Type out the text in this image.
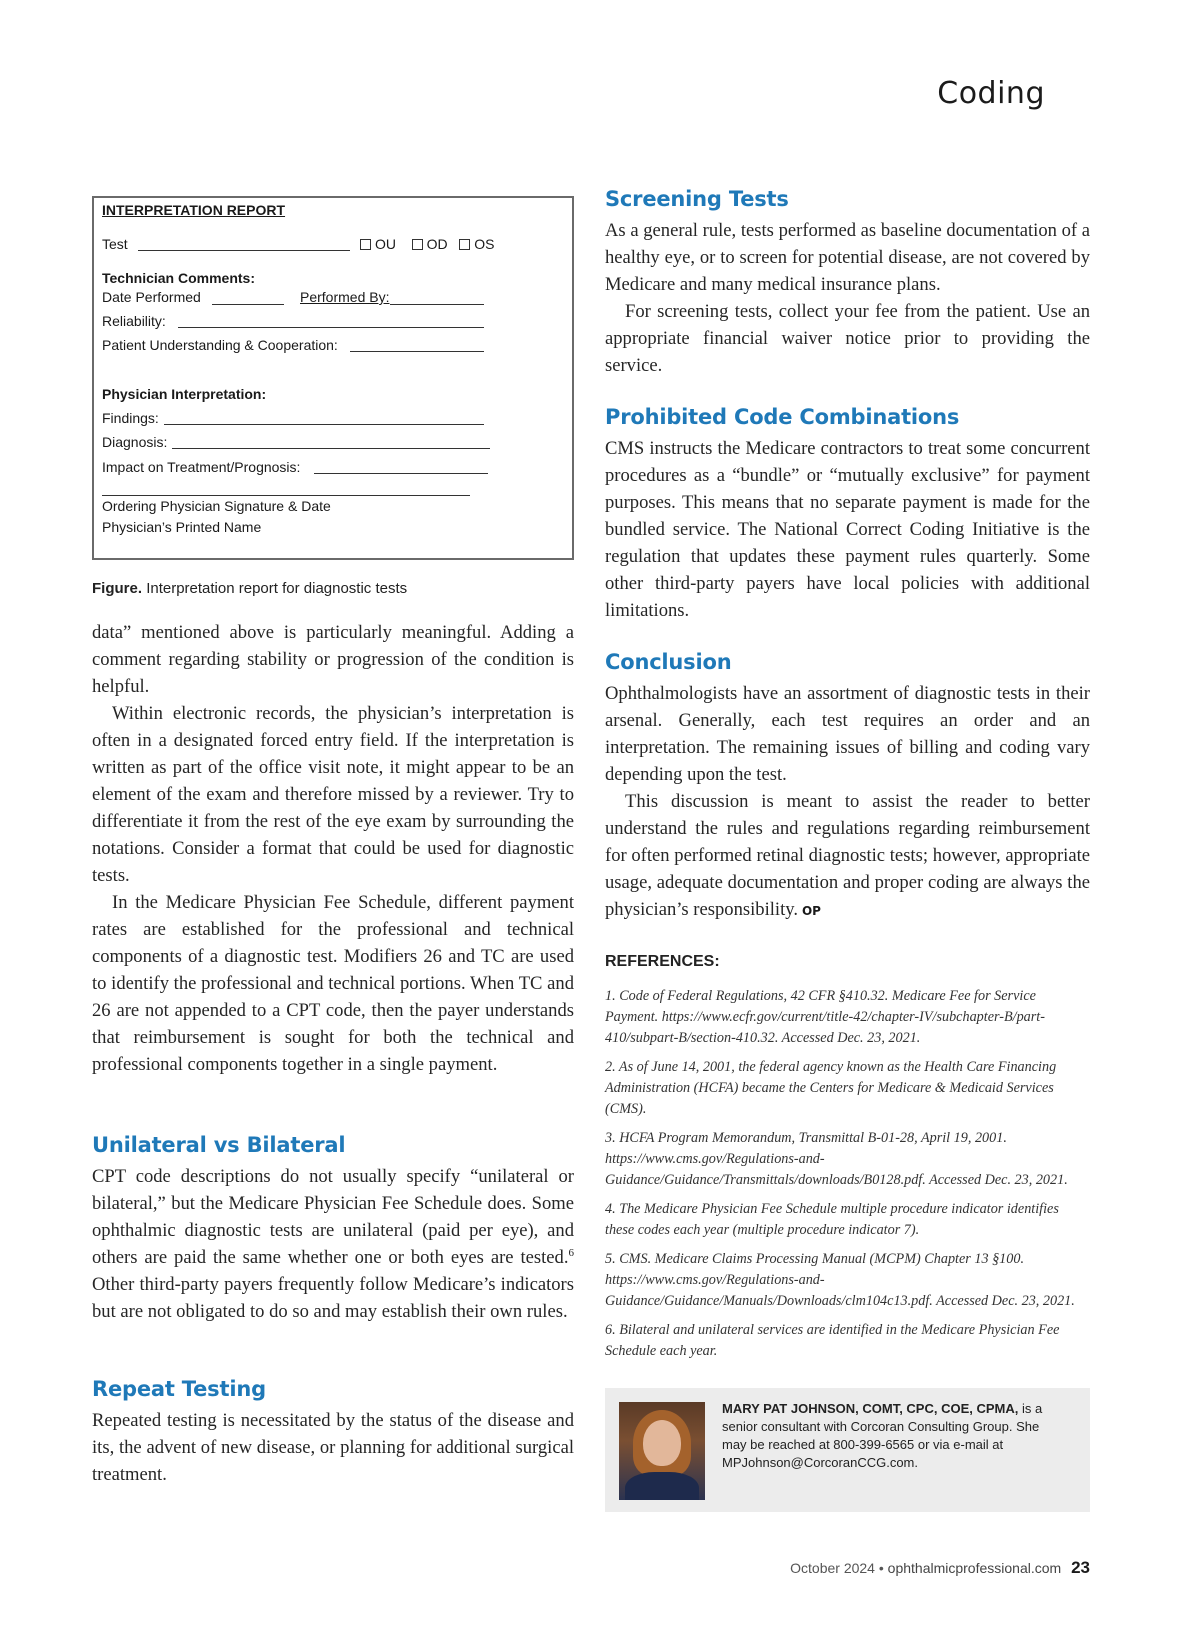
Coding
INTERPRETATION REPORT
Test	OU OD OS
Technician Comments:
Date Performed	Performed By:
Reliability:
Patient Understanding & Cooperation:
Physician Interpretation:
Findings:
Diagnosis:
Impact on Treatment/Prognosis:
Ordering Physician Signature & Date
Physician’s Printed Name
Figure. Interpretation report for diagnostic tests

data” mentioned above is particularly meaningful. Adding a comment regarding stability or progression of the condition is helpful.

Within electronic records, the physician’s interpretation is often in a designated forced entry field. If the interpretation is written as part of the office visit note, it might appear to be an element of the exam and therefore missed by a reviewer. Try to differentiate it from the rest of the eye exam by surrounding the notations. Consider a format that could be used for diagnostic tests.

In the Medicare Physician Fee Schedule, different payment rates are established for the professional and technical components of a diagnostic test. Modifiers 26 and TC are used to identify the professional and technical portions. When TC and 26 are not appended to a CPT code, then the payer understands that reimbursement is sought for both the technical and professional components together in a single payment.

Unilateral vs Bilateral

CPT code descriptions do not usually specify “unilateral or bilateral,” but the Medicare Physician Fee Schedule does. Some ophthalmic diagnostic tests are unilateral (paid per eye), and others are paid the same whether one or both eyes are tested.$^6$ Other third-party payers frequently follow Medicare’s indicators but are not obligated to do so and may establish their own rules.

Repeat Testing

Repeated testing is necessitated by the status of the disease and its, the advent of new disease, or planning for additional surgical treatment.

Screening Tests

As a general rule, tests performed as baseline documentation of a healthy eye, or to screen for potential disease, are not covered by Medicare and many medical insurance plans.

For screening tests, collect your fee from the patient. Use an appropriate financial waiver notice prior to providing the service.

Prohibited Code Combinations

CMS instructs the Medicare contractors to treat some concurrent procedures as a “bundle” or “mutually exclusive” for payment purposes. This means that no separate payment is made for the bundled service. The National Correct Coding Initiative is the regulation that updates these payment rules quarterly. Some other third-party payers have local policies with additional limitations.

Conclusion

Ophthalmologists have an assortment of diagnostic tests in their arsenal. Generally, each test requires an order and an interpretation. The remaining issues of billing and coding vary depending upon the test.

This discussion is meant to assist the reader to better understand the rules and regulations regarding reimbursement for often performed retinal diagnostic tests; however, appropriate usage, adequate documentation and proper coding are always the physician’s responsibility. OP

REFERENCES:

1. Code of Federal Regulations, 42 CFR §410.32. Medicare Fee for Service Payment. https://www.ecfr.gov/current/title-42/chapter-IV/subchapter-B/part-410/subpart-B/section-410.32. Accessed Dec. 23, 2021.

2. As of June 14, 2001, the federal agency known as the Health Care Financing Administration (HCFA) became the Centers for Medicare & Medicaid Services (CMS).

3. HCFA Program Memorandum, Transmittal B-01-28, April 19, 2001. https://www.cms.gov/Regulations-and-Guidance/Guidance/Transmittals/downloads/B0128.pdf. Accessed Dec. 23, 2021.

4. The Medicare Physician Fee Schedule multiple procedure indicator identifies these codes each year (multiple procedure indicator 7).

5. CMS. Medicare Claims Processing Manual (MCPM) Chapter 13 §100. https://www.cms.gov/Regulations-and-Guidance/Guidance/Manuals/Downloads/clm104c13.pdf. Accessed Dec. 23, 2021.

6. Bilateral and unilateral services are identified in the Medicare Physician Fee Schedule each year.

MARY PAT JOHNSON, COMT, CPC, COE, CPMA, is a senior consultant with Corcoran Consulting Group. She may be reached at 800-399-6565 or via e-mail at MPJohnson@CorcoranCCG.com.
October 2024 • ophthalmicprofessional.com 23
